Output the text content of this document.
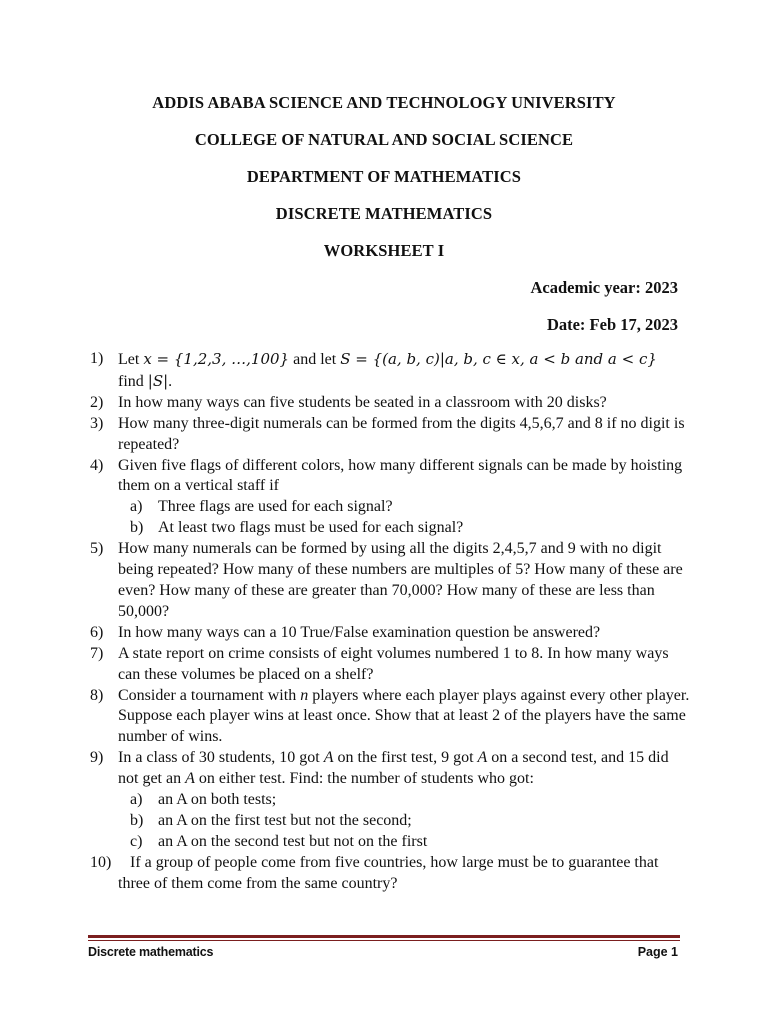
ADDIS ABABA SCIENCE AND TECHNOLOGY UNIVERSITY
COLLEGE OF NATURAL AND SOCIAL SCIENCE
DEPARTMENT OF MATHEMATICS
DISCRETE MATHEMATICS
WORKSHEET I
Academic year: 2023
Date: Feb 17, 2023
1) Let x = {1,2,3, …,100} and let S = {(a, b, c)|a, b, c ∈ x, a < b and a < c}
find |S|.
2) In how many ways can five students be seated in a classroom with 20 disks?
3) How many three-digit numerals can be formed from the digits 4,5,6,7 and 8 if no digit is repeated?
4) Given five flags of different colors, how many different signals can be made by hoisting them on a vertical staff if
a) Three flags are used for each signal?
b) At least two flags must be used for each signal?
5) How many numerals can be formed by using all the digits 2,4,5,7 and 9 with no digit being repeated? How many of these numbers are multiples of 5? How many of these are even? How many of these are greater than 70,000? How many of these are less than 50,000?
6) In how many ways can a 10 True/False examination question be answered?
7) A state report on crime consists of eight volumes numbered 1 to 8. In how many ways can these volumes be placed on a shelf?
8) Consider a tournament with n players where each player plays against every other player. Suppose each player wins at least once. Show that at least 2 of the players have the same number of wins.
9) In a class of 30 students, 10 got A on the first test, 9 got A on a second test, and 15 did not get an A on either test. Find: the number of students who got:
a) an A on both tests;
b) an A on the first test but not the second;
c) an A on the second test but not on the first
10) If a group of people come from five countries, how large must be to guarantee that three of them come from the same country?
Discrete mathematics	Page 1
